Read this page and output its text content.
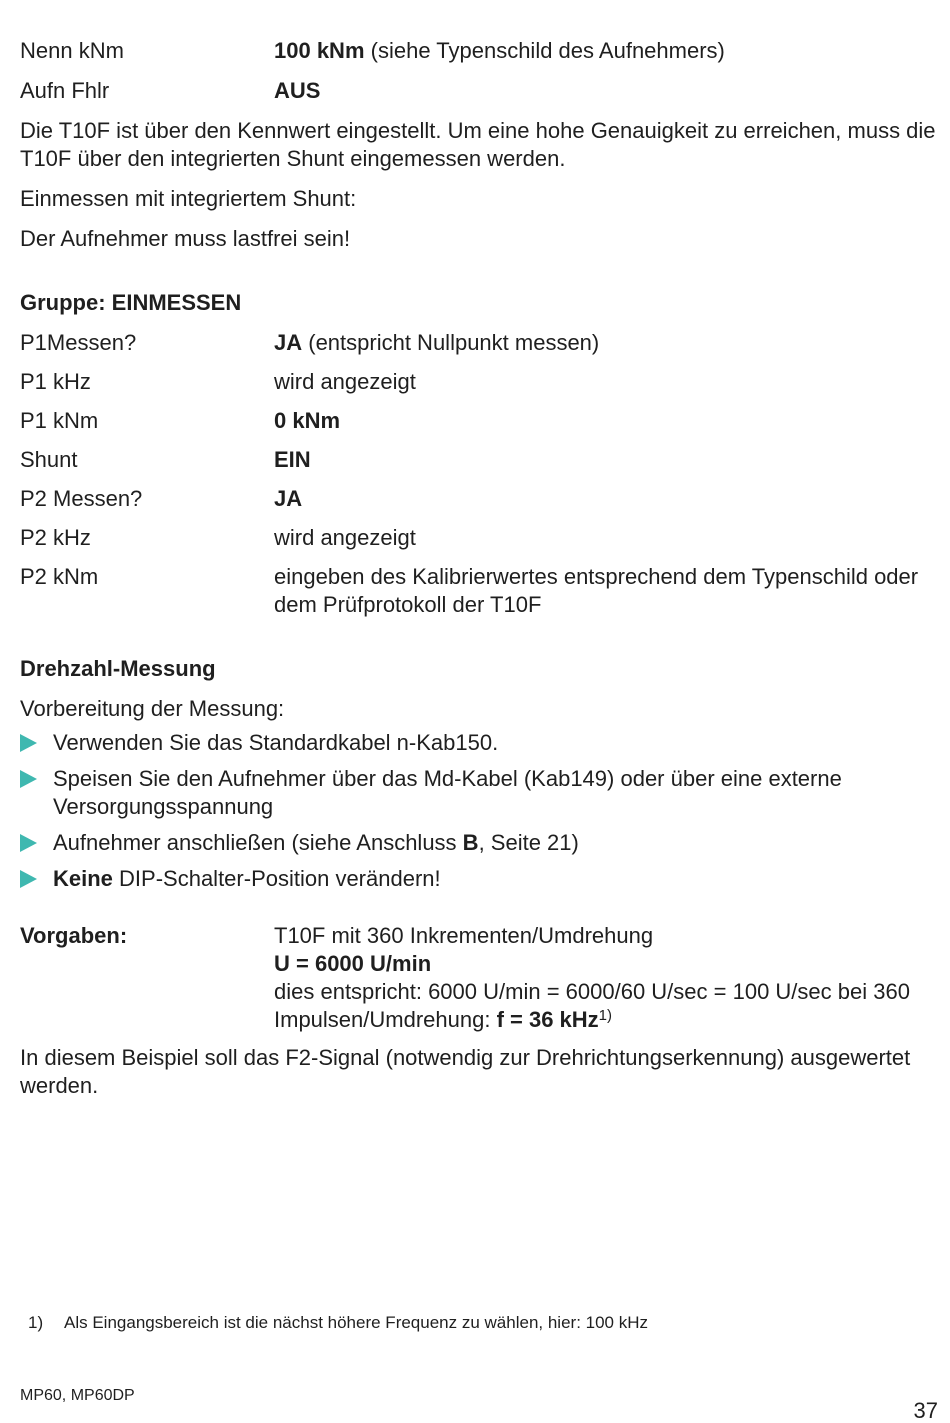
Nenn kNm	100 kNm (siehe Typenschild des Aufnehmers)
Aufn Fhlr	AUS

Die T10F ist über den Kennwert eingestellt. Um eine hohe Genauigkeit zu erreichen, muss die T10F über den integrierten Shunt eingemessen werden.

Einmessen mit integriertem Shunt:

Der Aufnehmer muss lastfrei sein!

Gruppe: EINMESSEN

P1Messen?	JA (entspricht Nullpunkt messen)
P1 kHz	wird angezeigt
P1 kNm	0 kNm
Shunt	EIN
P2 Messen?	JA
P2 kHz	wird angezeigt
P2 kNm	eingeben des Kalibrierwertes entsprechend dem Typenschild oder dem Prüfprotokoll der T10F

Drehzahl-Messung

Vorbereitung der Messung:

Verwenden Sie das Standardkabel n-Kab150.
Speisen Sie den Aufnehmer über das Md-Kabel (Kab149) oder über eine externe Versorgungsspannung
Aufnehmer anschließen (siehe Anschluss B, Seite 21)
Keine DIP-Schalter-Position verändern!
Vorgaben:	T10F mit 360 Inkrementen/Umdrehung
U = 6000 U/min
dies entspricht: 6000 U/min = 6000/60 U/sec = 100 U/sec bei 360 Impulsen/Umdrehung: f = 36 kHz$^{1)}$

In diesem Beispiel soll das F2-Signal (notwendig zur Drehrichtungserkennung) ausgewertet werden.

1)	Als Eingangsbereich ist die nächst höhere Frequenz zu wählen, hier: 100 kHz
MP60, MP60DP
37
